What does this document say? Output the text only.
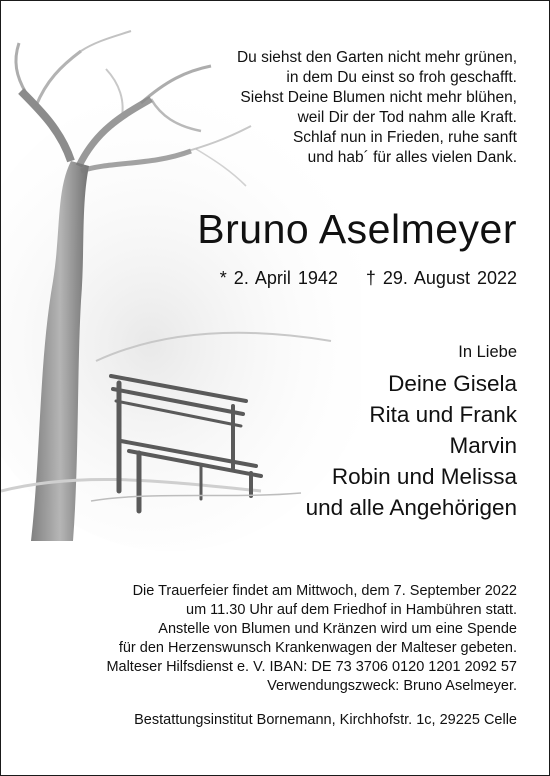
Du siehst den Garten nicht mehr grünen,
in dem Du einst so froh geschafft.
Siehst Deine Blumen nicht mehr blühen,
weil Dir der Tod nahm alle Kraft.
Schlaf nun in Frieden, ruhe sanft
und hab´ für alles vielen Dank.
Bruno Aselmeyer
* 2. April 1942 † 29. August 2022
In Liebe
Deine Gisela
Rita und Frank
Marvin
Robin und Melissa
und alle Angehörigen
Die Trauerfeier findet am Mittwoch, dem 7. September 2022
um 11.30 Uhr auf dem Friedhof in Hambühren statt.
Anstelle von Blumen und Kränzen wird um eine Spende
für den Herzenswunsch Krankenwagen der Malteser gebeten.
Malteser Hilfsdienst e. V. IBAN: DE 73 3706 0120 1201 2092 57
Verwendungszweck: Bruno Aselmeyer.
Bestattungsinstitut Bornemann, Kirchhofstr. 1c, 29225 Celle
